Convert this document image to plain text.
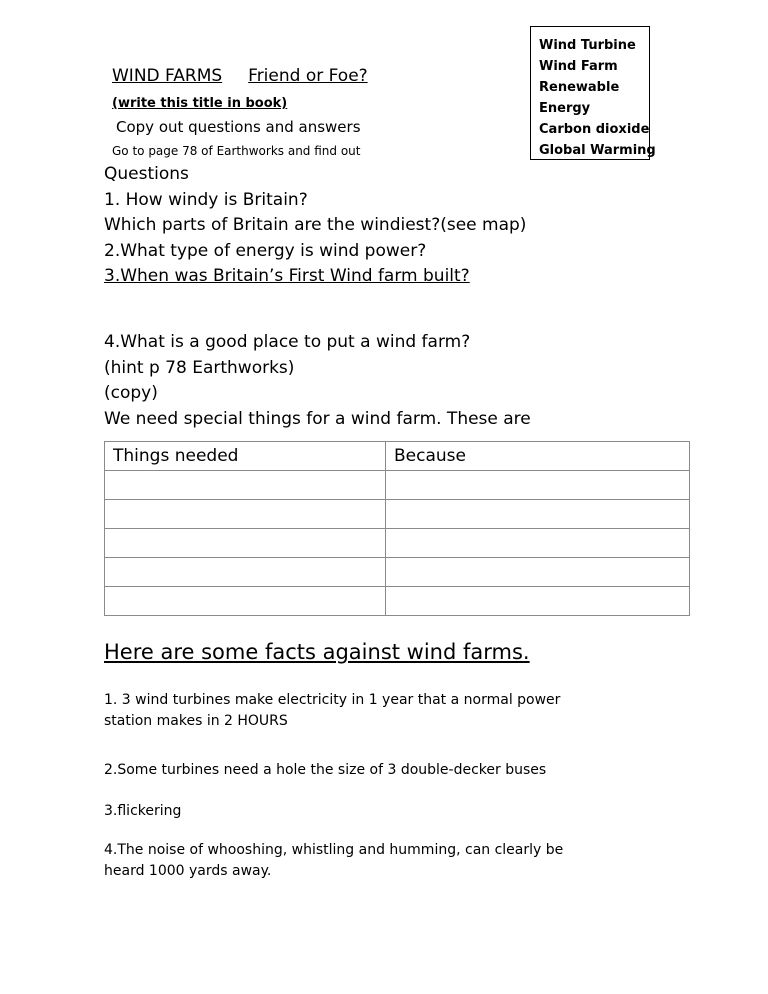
WIND FARMS Friend or Foe?
(write this title in book)
Copy out questions and answers
Go to page 78 of Earthworks and find out
Wind Turbine
Wind Farm
Renewable
Energy
Carbon dioxide
Global Warming
Questions
1. How windy is Britain?
Which parts of Britain are the windiest?(see map)
2.What type of energy is wind power?
3.When was Britain’s First Wind farm built?
4.What is a good place to put a wind farm?
(hint p 78 Earthworks)
(copy)
We need special things for a wind farm. These are
Things needed	Because

Here are some facts against wind farms.
1. 3 wind turbines make electricity in 1 year that a normal power
station makes in 2 HOURS
2.Some turbines need a hole the size of 3 double-decker buses
3.flickering
4.The noise of whooshing, whistling and humming, can clearly be
heard 1000 yards away.
